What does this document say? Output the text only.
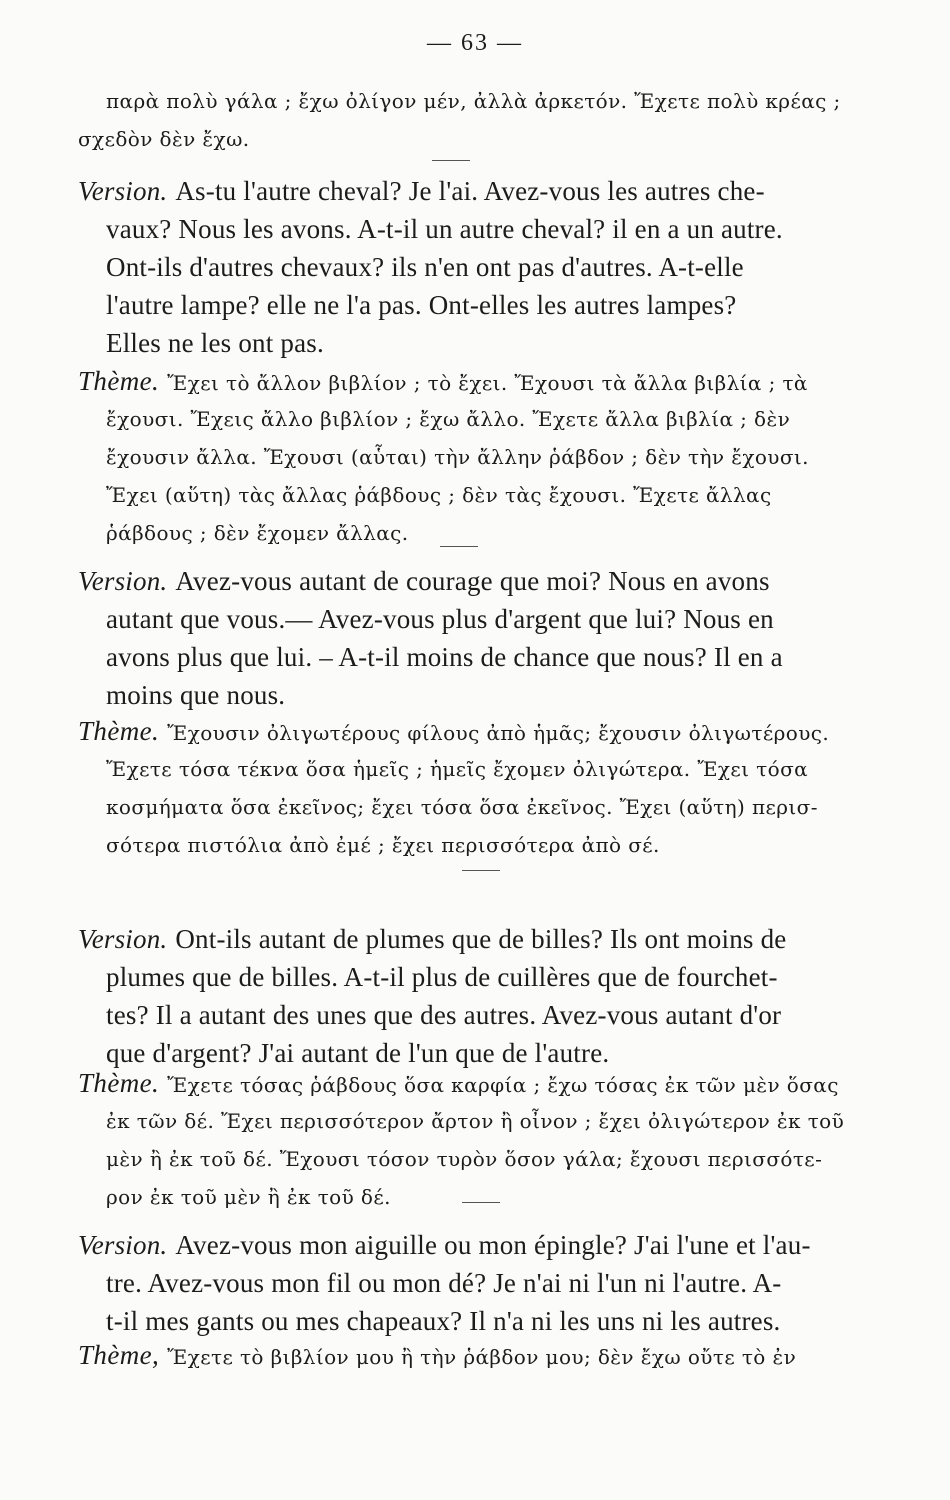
— 63 —
παρὰ πολὺ γάλα ; ἔχω ὀλίγον μέν, ἀλλὰ ἀρκετόν. Ἔχετε πολὺ κρέας ;
σχεδὸν δὲν ἔχω.
Version. As-tu l'autre cheval? Je l'ai. Avez-vous les autres che-
vaux? Nous les avons. A-t-il un autre cheval? il en a un autre.
Ont-ils d'autres chevaux? ils n'en ont pas d'autres. A-t-elle
l'autre lampe? elle ne l'a pas. Ont-elles les autres lampes?
Elles ne les ont pas.
Thème. Ἔχει τὸ ἄλλον βιβλίον ; τὸ ἔχει. Ἔχουσι τὰ ἄλλα βιβλία ; τὰ
ἔχουσι. Ἔχεις ἄλλο βιβλίον ; ἔχω ἄλλο. Ἔχετε ἄλλα βιβλία ; δὲν
ἔχουσιν ἄλλα. Ἔχουσι (αὗται) τὴν ἄλλην ῥάβδον ; δὲν τὴν ἔχουσι.
Ἔχει (αὕτη) τὰς ἄλλας ῥάβδους ; δὲν τὰς ἔχουσι. Ἔχετε ἄλλας
ῥάβδους ; δὲν ἔχομεν ἄλλας.
Version. Avez-vous autant de courage que moi? Nous en avons
autant que vous.— Avez-vous plus d'argent que lui? Nous en
avons plus que lui. – A-t-il moins de chance que nous? Il en a
moins que nous.
Thème. Ἔχουσιν ὀλιγωτέρους φίλους ἀπὸ ἡμᾶς; ἔχουσιν ὀλιγωτέρους.
Ἔχετε τόσα τέκνα ὅσα ἡμεῖς ; ἡμεῖς ἔχομεν ὀλιγώτερα. Ἔχει τόσα
κοσμήματα ὅσα ἐκεῖνος; ἔχει τόσα ὅσα ἐκεῖνος. Ἔχει (αὕτη) περισ-
σότερα πιστόλια ἀπὸ ἐμέ ; ἔχει περισσότερα ἀπὸ σέ.
Version. Ont-ils autant de plumes que de billes? Ils ont moins de
plumes que de billes. A-t-il plus de cuillères que de fourchet-
tes? Il a autant des unes que des autres. Avez-vous autant d'or
que d'argent? J'ai autant de l'un que de l'autre.
Thème. Ἔχετε τόσας ῥάβδους ὅσα καρφία ; ἔχω τόσας ἐκ τῶν μὲν ὅσας
ἐκ τῶν δέ. Ἔχει περισσότερον ἄρτον ἢ οἶνον ; ἔχει ὀλιγώτερον ἐκ τοῦ
μὲν ἢ ἐκ τοῦ δέ. Ἔχουσι τόσον τυρὸν ὅσον γάλα; ἔχουσι περισσότε-
ρον ἐκ τοῦ μὲν ἢ ἐκ τοῦ δέ.
Version. Avez-vous mon aiguille ou mon épingle? J'ai l'une et l'au-
tre. Avez-vous mon fil ou mon dé? Je n'ai ni l'un ni l'autre. A-
t-il mes gants ou mes chapeaux? Il n'a ni les uns ni les autres.
Thème, Ἔχετε τὸ βιβλίον μου ἢ τὴν ῥάβδον μου; δὲν ἔχω οὔτε τὸ ἐν
